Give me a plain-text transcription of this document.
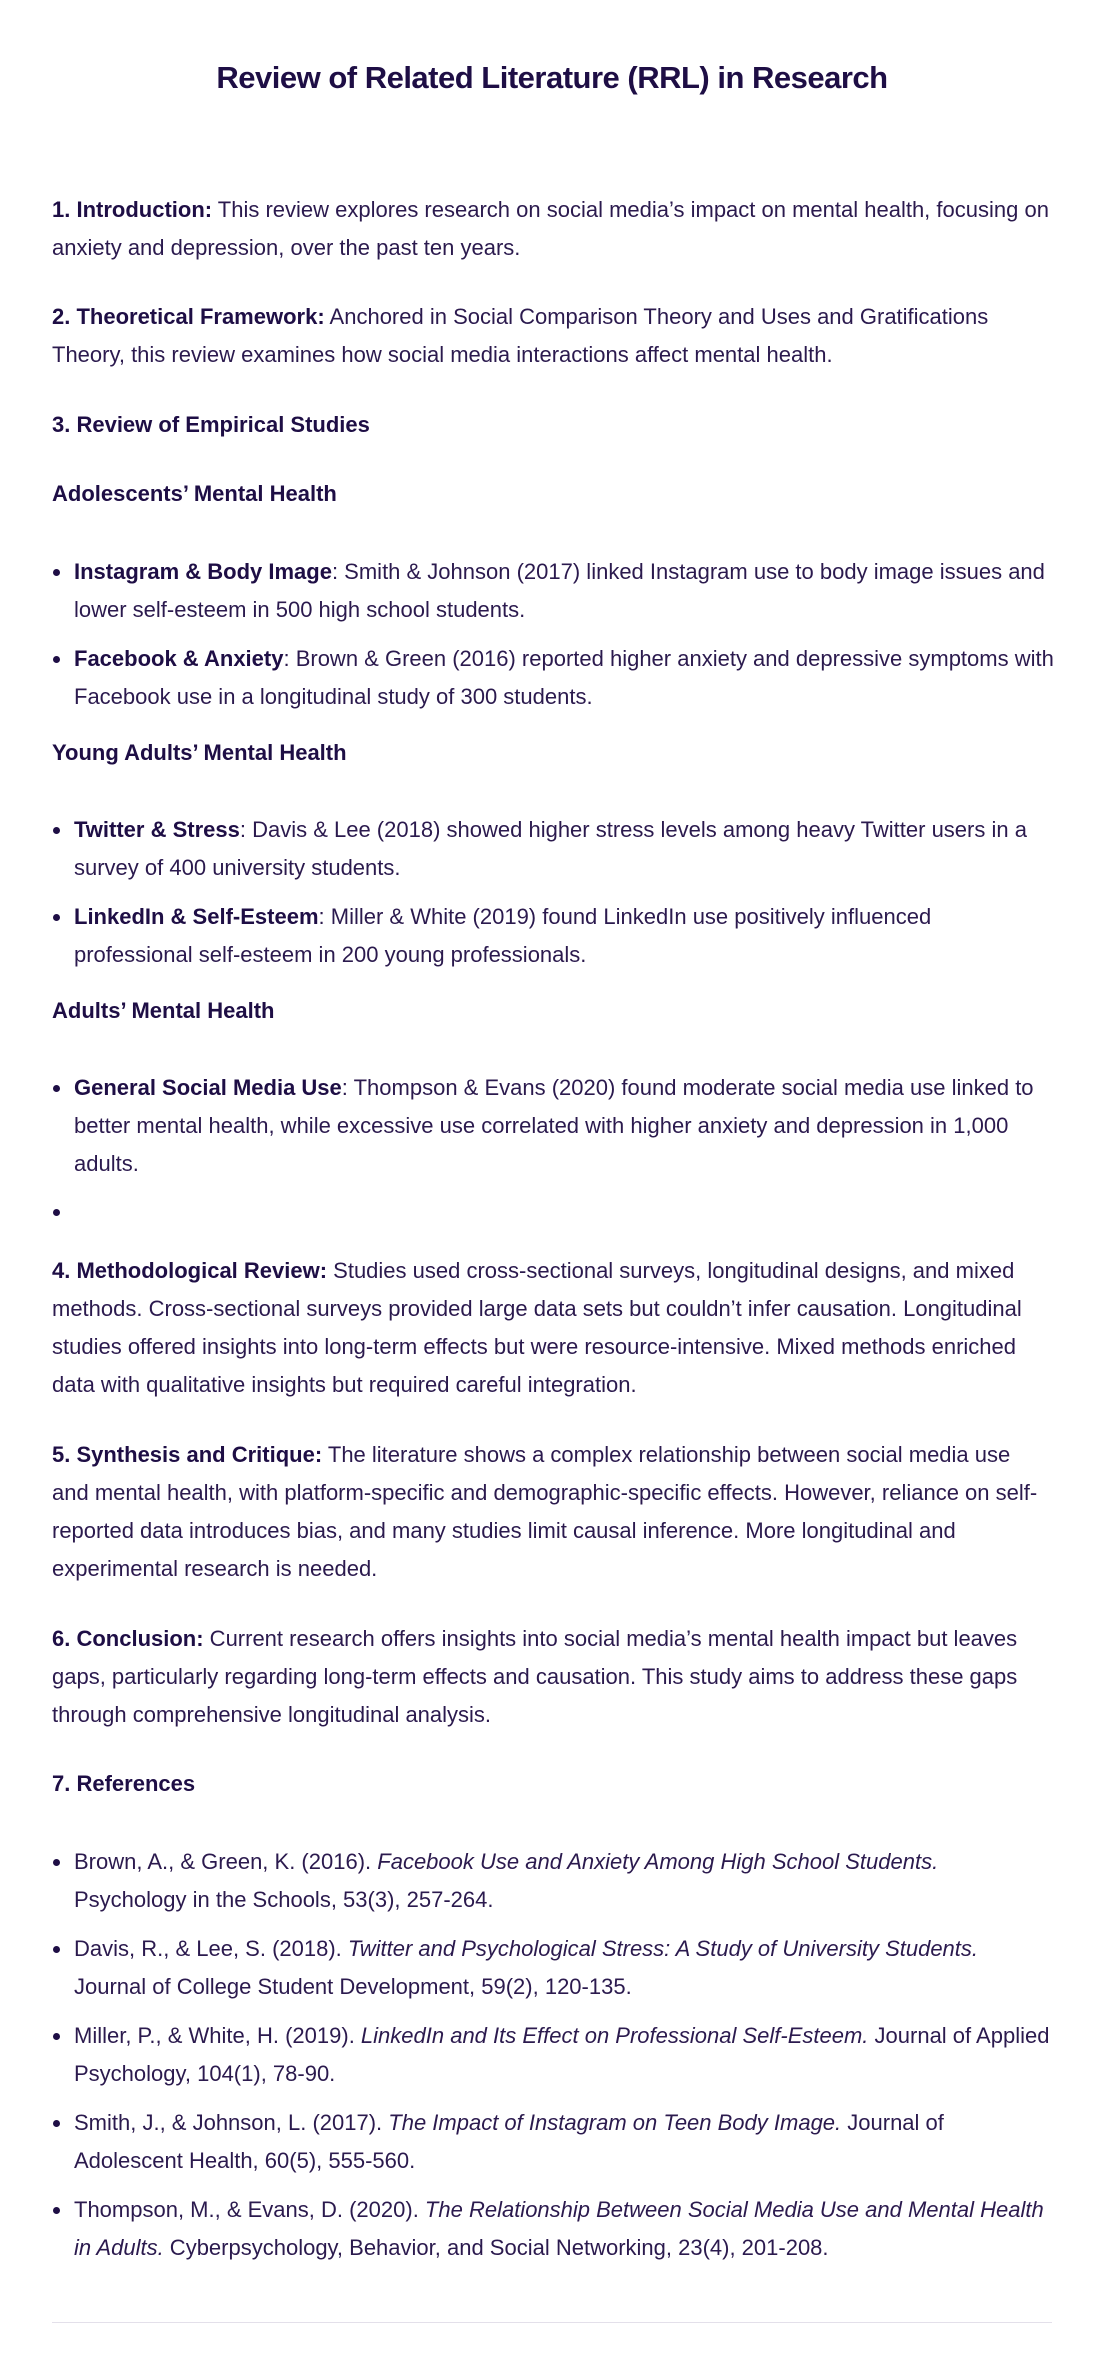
Review of Related Literature (RRL) in Research

1. Introduction: This review explores research on social media’s impact on mental health, focusing on anxiety and depression, over the past ten years.

2. Theoretical Framework: Anchored in Social Comparison Theory and Uses and Gratifications Theory, this review examines how social media interactions affect mental health.

3. Review of Empirical Studies

Adolescents’ Mental Health

Instagram & Body Image: Smith & Johnson (2017) linked Instagram use to body image issues and lower self-esteem in 500 high school students.
Facebook & Anxiety: Brown & Green (2016) reported higher anxiety and depressive symptoms with Facebook use in a longitudinal study of 300 students.

Young Adults’ Mental Health

Twitter & Stress: Davis & Lee (2018) showed higher stress levels among heavy Twitter users in a survey of 400 university students.
LinkedIn & Self-Esteem: Miller & White (2019) found LinkedIn use positively influenced professional self-esteem in 200 young professionals.

Adults’ Mental Health

General Social Media Use: Thompson & Evans (2020) found moderate social media use linked to better mental health, while excessive use correlated with higher anxiety and depression in 1,000 adults.

4. Methodological Review: Studies used cross-sectional surveys, longitudinal designs, and mixed methods. Cross-sectional surveys provided large data sets but couldn’t infer causation. Longitudinal studies offered insights into long-term effects but were resource-intensive. Mixed methods enriched data with qualitative insights but required careful integration.

5. Synthesis and Critique: The literature shows a complex relationship between social media use and mental health, with platform-specific and demographic-specific effects. However, reliance on self-reported data introduces bias, and many studies limit causal inference. More longitudinal and experimental research is needed.

6. Conclusion: Current research offers insights into social media’s mental health impact but leaves gaps, particularly regarding long-term effects and causation. This study aims to address these gaps through comprehensive longitudinal analysis.

7. References

Brown, A., & Green, K. (2016). Facebook Use and Anxiety Among High School Students. Psychology in the Schools, 53(3), 257-264.
Davis, R., & Lee, S. (2018). Twitter and Psychological Stress: A Study of University Students. Journal of College Student Development, 59(2), 120-135.
Miller, P., & White, H. (2019). LinkedIn and Its Effect on Professional Self-Esteem. Journal of Applied Psychology, 104(1), 78-90.
Smith, J., & Johnson, L. (2017). The Impact of Instagram on Teen Body Image. Journal of Adolescent Health, 60(5), 555-560.
Thompson, M., & Evans, D. (2020). The Relationship Between Social Media Use and Mental Health in Adults. Cyberpsychology, Behavior, and Social Networking, 23(4), 201-208.
